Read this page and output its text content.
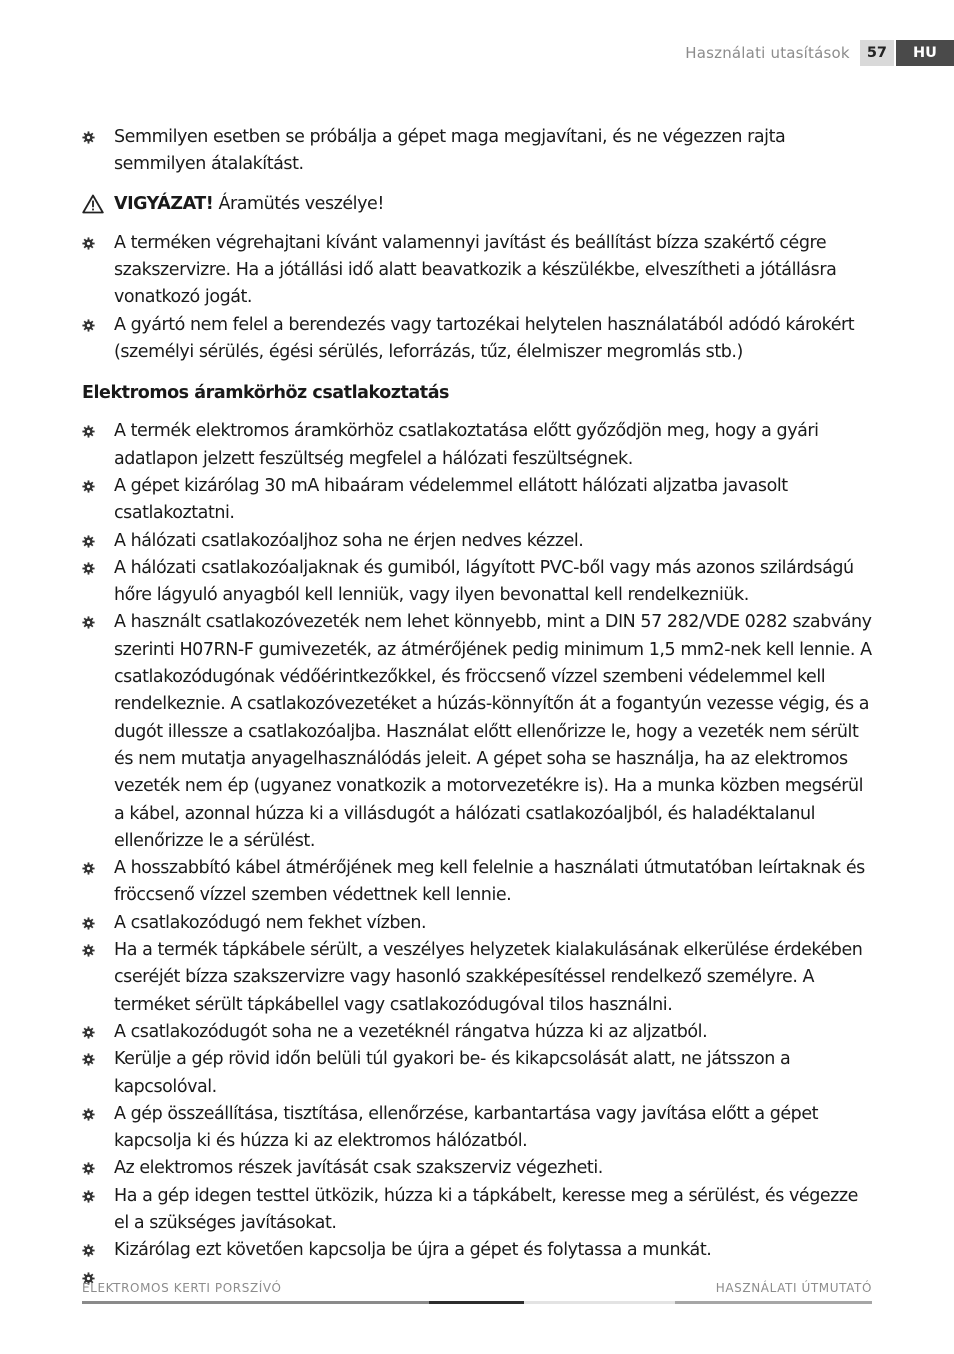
Használati utasítások	57	HU
Semmilyen esetben se próbálja a gépet maga megjavítani, és ne végezzen rajta semmilyen átalakítást.
VIGYÁZAT! Áramütés veszélye!
A terméken végrehajtani kívánt valamennyi javítást és beállítást bízza szakértő cégre szakszervizre. Ha a jótállási idő alatt beavatkozik a készülékbe, elveszítheti a jótállásra vonatkozó jogát.
A gyártó nem felel a berendezés vagy tartozékai helytelen használatából adódó károkért (személyi sérülés, égési sérülés, leforrázás, tűz, élelmiszer megromlás stb.)
Elektromos áramkörhöz csatlakoztatás
A termék elektromos áramkörhöz csatlakoztatása előtt győződjön meg, hogy a gyári adatlapon jelzett feszültség megfelel a hálózati feszültségnek.
A gépet kizárólag 30 mA hibaáram védelemmel ellátott hálózati aljzatba javasolt csatlakoztatni.
A hálózati csatlakozóaljhoz soha ne érjen nedves kézzel.
A hálózati csatlakozóaljaknak és gumiból, lágyított PVC-ből vagy más azonos szilárdságú hőre lágyuló anyagból kell lenniük, vagy ilyen bevonattal kell rendelkezniük.
A használt csatlakozóvezeték nem lehet könnyebb, mint a DIN 57 282/VDE 0282 szabvány szerinti H07RN-F gumivezeték, az átmérőjének pedig minimum 1,5 mm2-nek kell lennie. A csatlakozódugónak védőérintkezőkkel, és fröccsenő vízzel szembeni védelemmel kell rendelkeznie. A csatlakozóvezetéket a húzás-könnyítőn át a fogantyún vezesse végig, és a dugót illessze a csatlakozóaljba. Használat előtt ellenőrizze le, hogy a vezeték nem sérült és nem mutatja anyagelhasználódás jeleit. A gépet soha se használja, ha az elektromos vezeték nem ép (ugyanez vonatkozik a motorvezetékre is). Ha a munka közben megsérül a kábel, azonnal húzza ki a villásdugót a hálózati csatlakozóaljból, és haladéktalanul ellenőrizze le a sérülést.
A hosszabbító kábel átmérőjének meg kell felelnie a használati útmutatóban leírtaknak és fröccsenő vízzel szemben védettnek kell lennie.
A csatlakozódugó nem fekhet vízben.
Ha a termék tápkábele sérült, a veszélyes helyzetek kialakulásának elkerülése érdekében cseréjét bízza szakszervizre vagy hasonló szakképesítéssel rendelkező személyre. A terméket sérült tápkábellel vagy csatlakozódugóval tilos használni.
A csatlakozódugót soha ne a vezetéknél rángatva húzza ki az aljzatból.
Kerülje a gép rövid időn belüli túl gyakori be- és kikapcsolását alatt, ne játsszon a kapcsolóval.
A gép összeállítása, tisztítása, ellenőrzése, karbantartása vagy javítása előtt a gépet kapcsolja ki és húzza ki az elektromos hálózatból.
Az elektromos részek javítását csak szakszerviz végezheti.
Ha a gép idegen testtel ütközik, húzza ki a tápkábelt, keresse meg a sérülést, és végezze el a szükséges javításokat.
Kizárólag ezt követően kapcsolja be újra a gépet és folytassa a munkát.
ELEKTROMOS KERTI PORSZÍVÓ	HASZNÁLATI ÚTMUTATÓ
